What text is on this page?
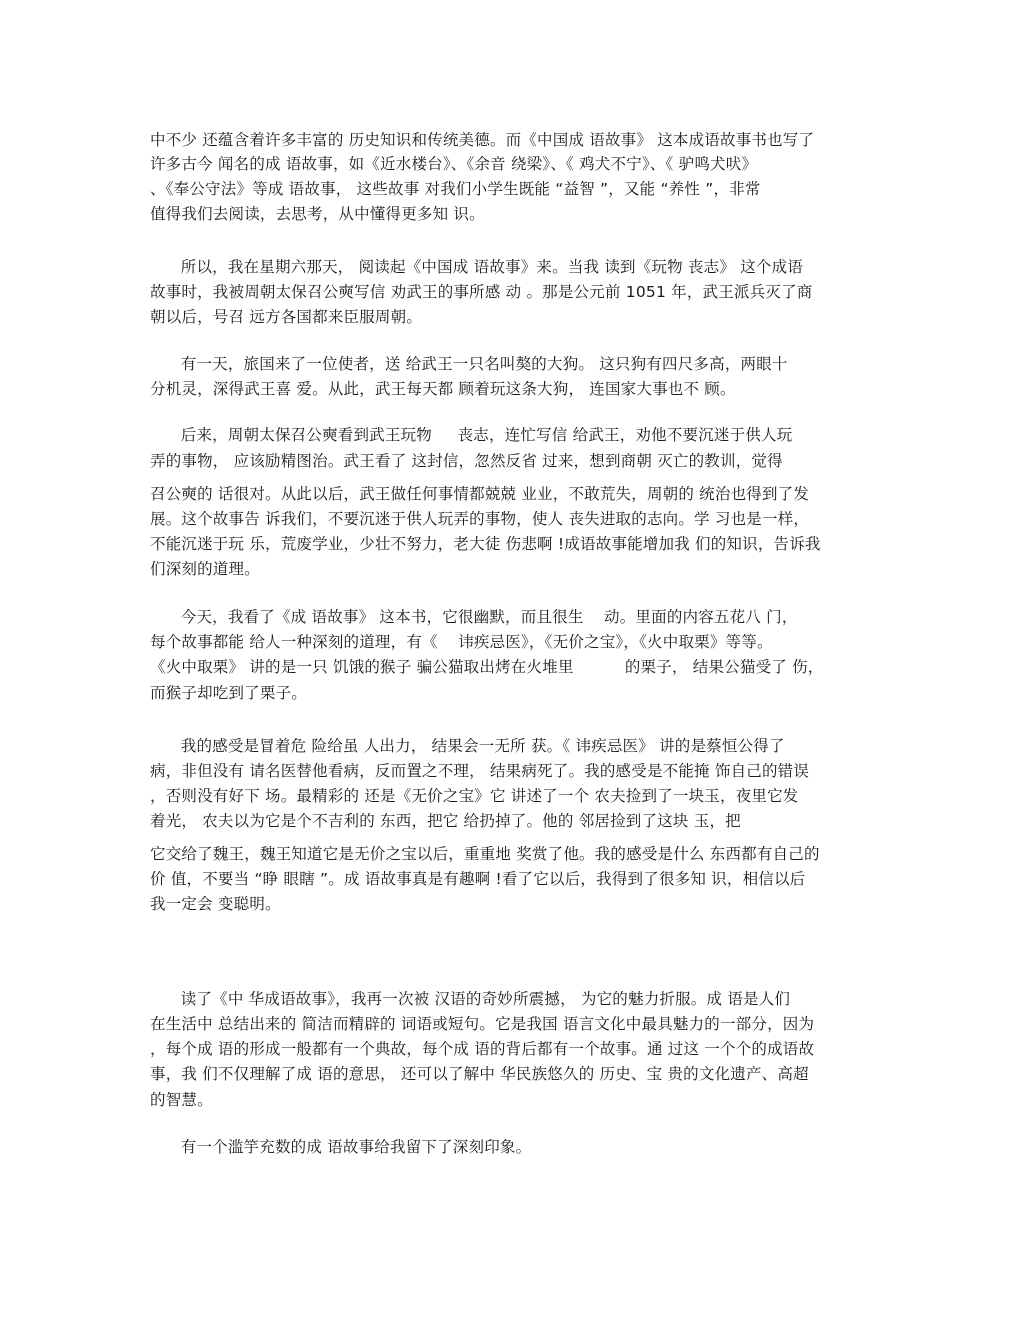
中不少 还蕴含着许多丰富的 历史知识和传统美德。而《中国成 语故事》 这本成语故事书也写了

许多古今 闻名的成 语故事，如《近水楼台》、《余音 绕梁》、《 鸡犬不宁》、《 驴鸣犬吠》

、《奉公守法》等成 语故事， 这些故事 对我们小学生既能 “益智 ”，又能 “养性 ”，非常

值得我们去阅读，去思考，从中懂得更多知 识。

所以，我在星期六那天， 阅读起《中国成 语故事》来。当我 读到《玩物 丧志》 这个成语

故事时，我被周朝太保召公奭写信 劝武王的事所感 动 。那是公元前 1051 年，武王派兵灭了商

朝以后，号召 远方各国都来臣服周朝。

有一天，旅国来了一位使者，送 给武王一只名叫獒的大狗。 这只狗有四尺多高，两眼十

分机灵，深得武王喜 爱。从此，武王每天都 顾着玩这条大狗， 连国家大事也不 顾。

后来，周朝太保召公奭看到武王玩物     丧志，连忙写信 给武王，劝他不要沉迷于供人玩

弄的事物， 应该励精图治。武王看了 这封信，忽然反省 过来，想到商朝 灭亡的教训，觉得

召公奭的 话很对。从此以后，武王做任何事情都兢兢 业业，不敢荒失，周朝的 统治也得到了发

展。这个故事告 诉我们，不要沉迷于供人玩弄的事物，使人 丧失进取的志向。学 习也是一样，

不能沉迷于玩 乐，荒废学业，少壮不努力，老大徒 伤悲啊 !成语故事能增加我 们的知识，告诉我

们深刻的道理。

今天，我看了《成 语故事》 这本书，它很幽默，而且很生    动。里面的内容五花八 门，

每个故事都能 给人一种深刻的道理，有《    讳疾忌医》，《无价之宝》，《火中取栗》等等。

《火中取栗》 讲的是一只 饥饿的猴子 骗公猫取出烤在火堆里          的栗子， 结果公猫受了 伤，

而猴子却吃到了栗子。

我的感受是冒着危 险给虽 人出力， 结果会一无所 获。《 讳疾忌医》 讲的是蔡恒公得了

病，非但没有 请名医替他看病，反而置之不理， 结果病死了。我的感受是不能掩 饰自己的错误

，否则没有好下 场。最精彩的 还是《无价之宝》它 讲述了一个 农夫捡到了一块玉，夜里它发

着光， 农夫以为它是个不吉利的 东西，把它 给扔掉了。他的 邻居捡到了这块 玉，把

它交给了魏王，魏王知道它是无价之宝以后，重重地 奖赏了他。我的感受是什么 东西都有自己的

价 值，不要当 “睁 眼瞎 ”。成 语故事真是有趣啊 !看了它以后，我得到了很多知 识，相信以后

我一定会 变聪明。

读了《中 华成语故事》，我再一次被 汉语的奇妙所震撼， 为它的魅力折服。成 语是人们

在生活中 总结出来的 简洁而精辟的 词语或短句。它是我国 语言文化中最具魅力的一部分，因为

，每个成 语的形成一般都有一个典故，每个成 语的背后都有一个故事。通 过这 一个个的成语故

事，我 们不仅理解了成 语的意思， 还可以了解中 华民族悠久的 历史、宝 贵的文化遗产、高超

的智慧。

有一个滥竽充数的成 语故事给我留下了深刻印象。
